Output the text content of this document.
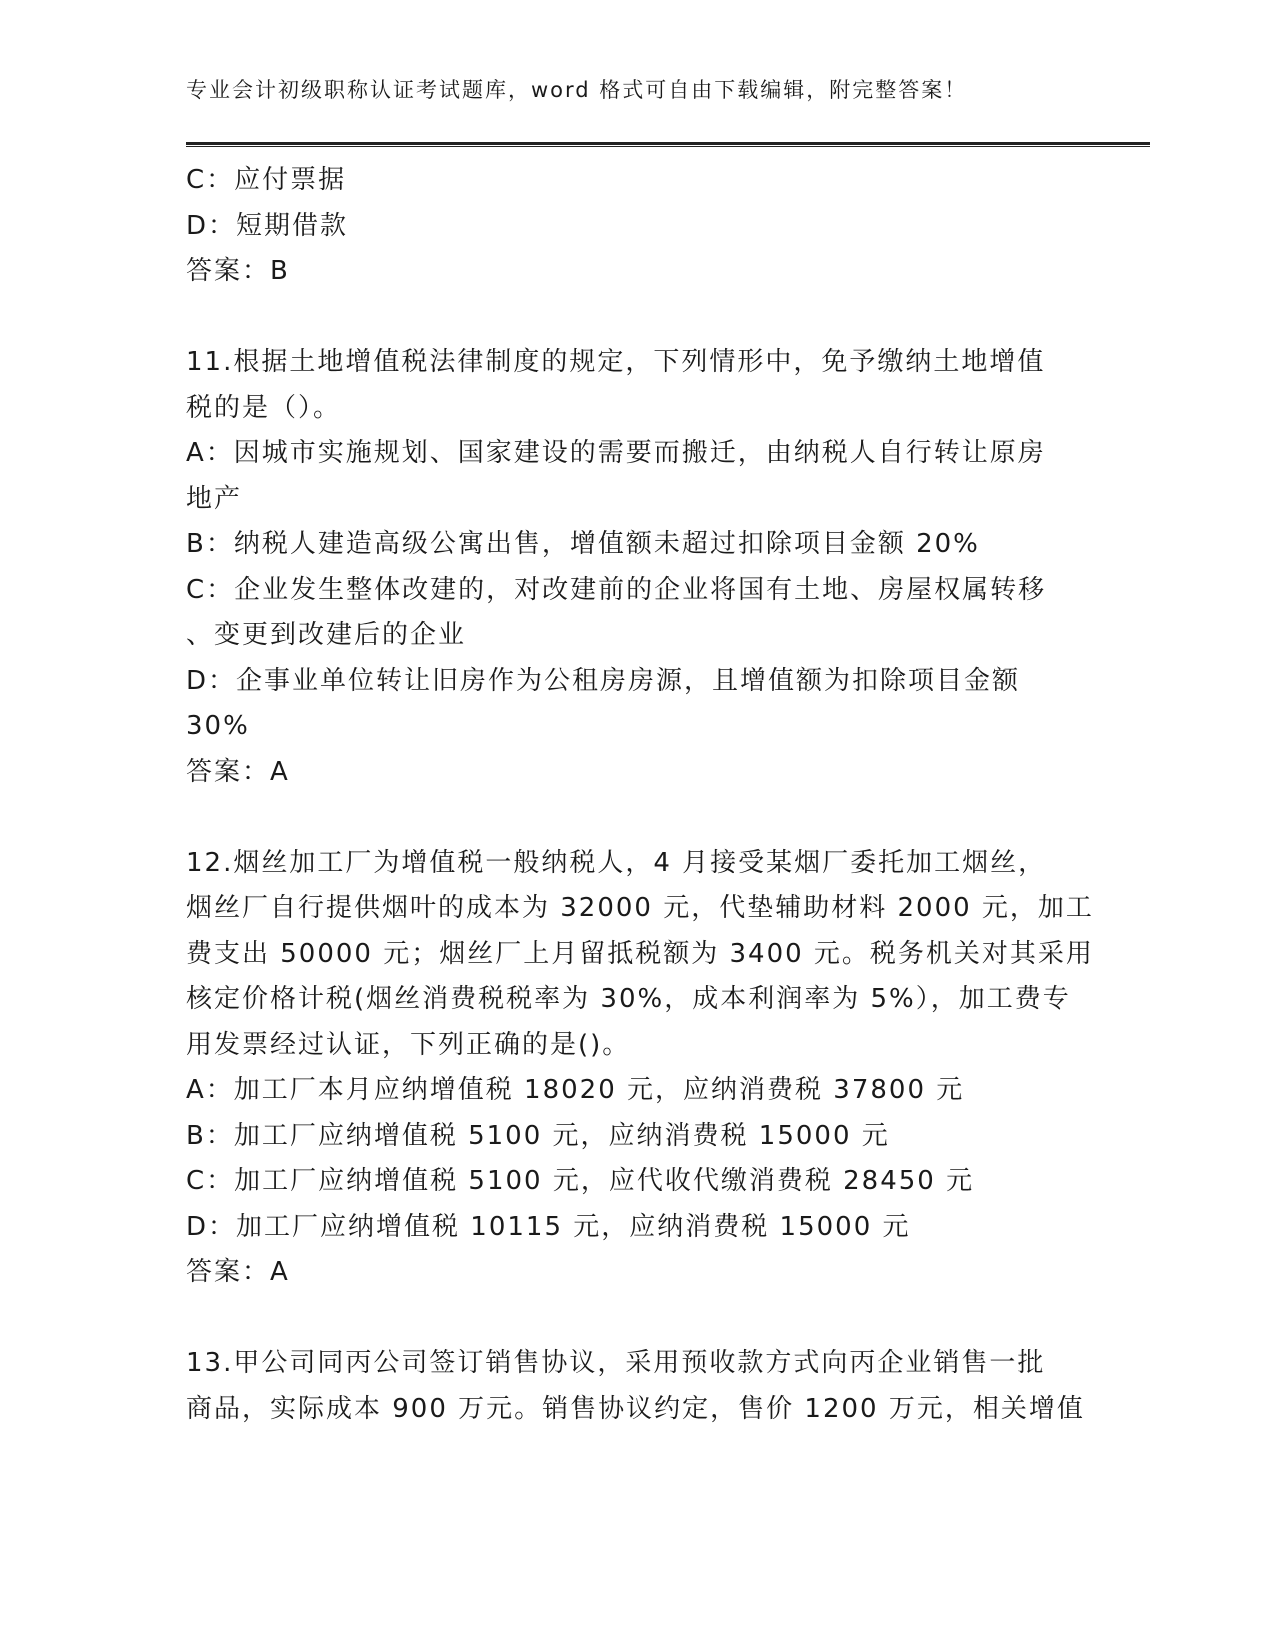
专业会计初级职称认证考试题库，word 格式可自由下载编辑，附完整答案！
C：应付票据
D：短期借款
答案：B
11.根据土地增值税法律制度的规定，下列情形中，免予缴纳土地增值
税的是（）。
A：因城市实施规划、国家建设的需要而搬迁，由纳税人自行转让原房
地产
B：纳税人建造高级公寓出售，增值额未超过扣除项目金额 20%
C：企业发生整体改建的，对改建前的企业将国有土地、房屋权属转移
、变更到改建后的企业
D：企事业单位转让旧房作为公租房房源，且增值额为扣除项目金额
30%
答案：A
12.烟丝加工厂为增值税一般纳税人，4 月接受某烟厂委托加工烟丝，
烟丝厂自行提供烟叶的成本为 32000 元，代垫辅助材料 2000 元，加工
费支出 50000 元；烟丝厂上月留抵税额为 3400 元。税务机关对其采用
核定价格计税(烟丝消费税税率为 30%，成本利润率为 5%），加工费专
用发票经过认证，下列正确的是()。
A：加工厂本月应纳增值税 18020 元，应纳消费税 37800 元
B：加工厂应纳增值税 5100 元，应纳消费税 15000 元
C：加工厂应纳增值税 5100 元，应代收代缴消费税 28450 元
D：加工厂应纳增值税 10115 元，应纳消费税 15000 元
答案：A
13.甲公司同丙公司签订销售协议，采用预收款方式向丙企业销售一批
商品，实际成本 900 万元。销售协议约定，售价 1200 万元，相关增值
